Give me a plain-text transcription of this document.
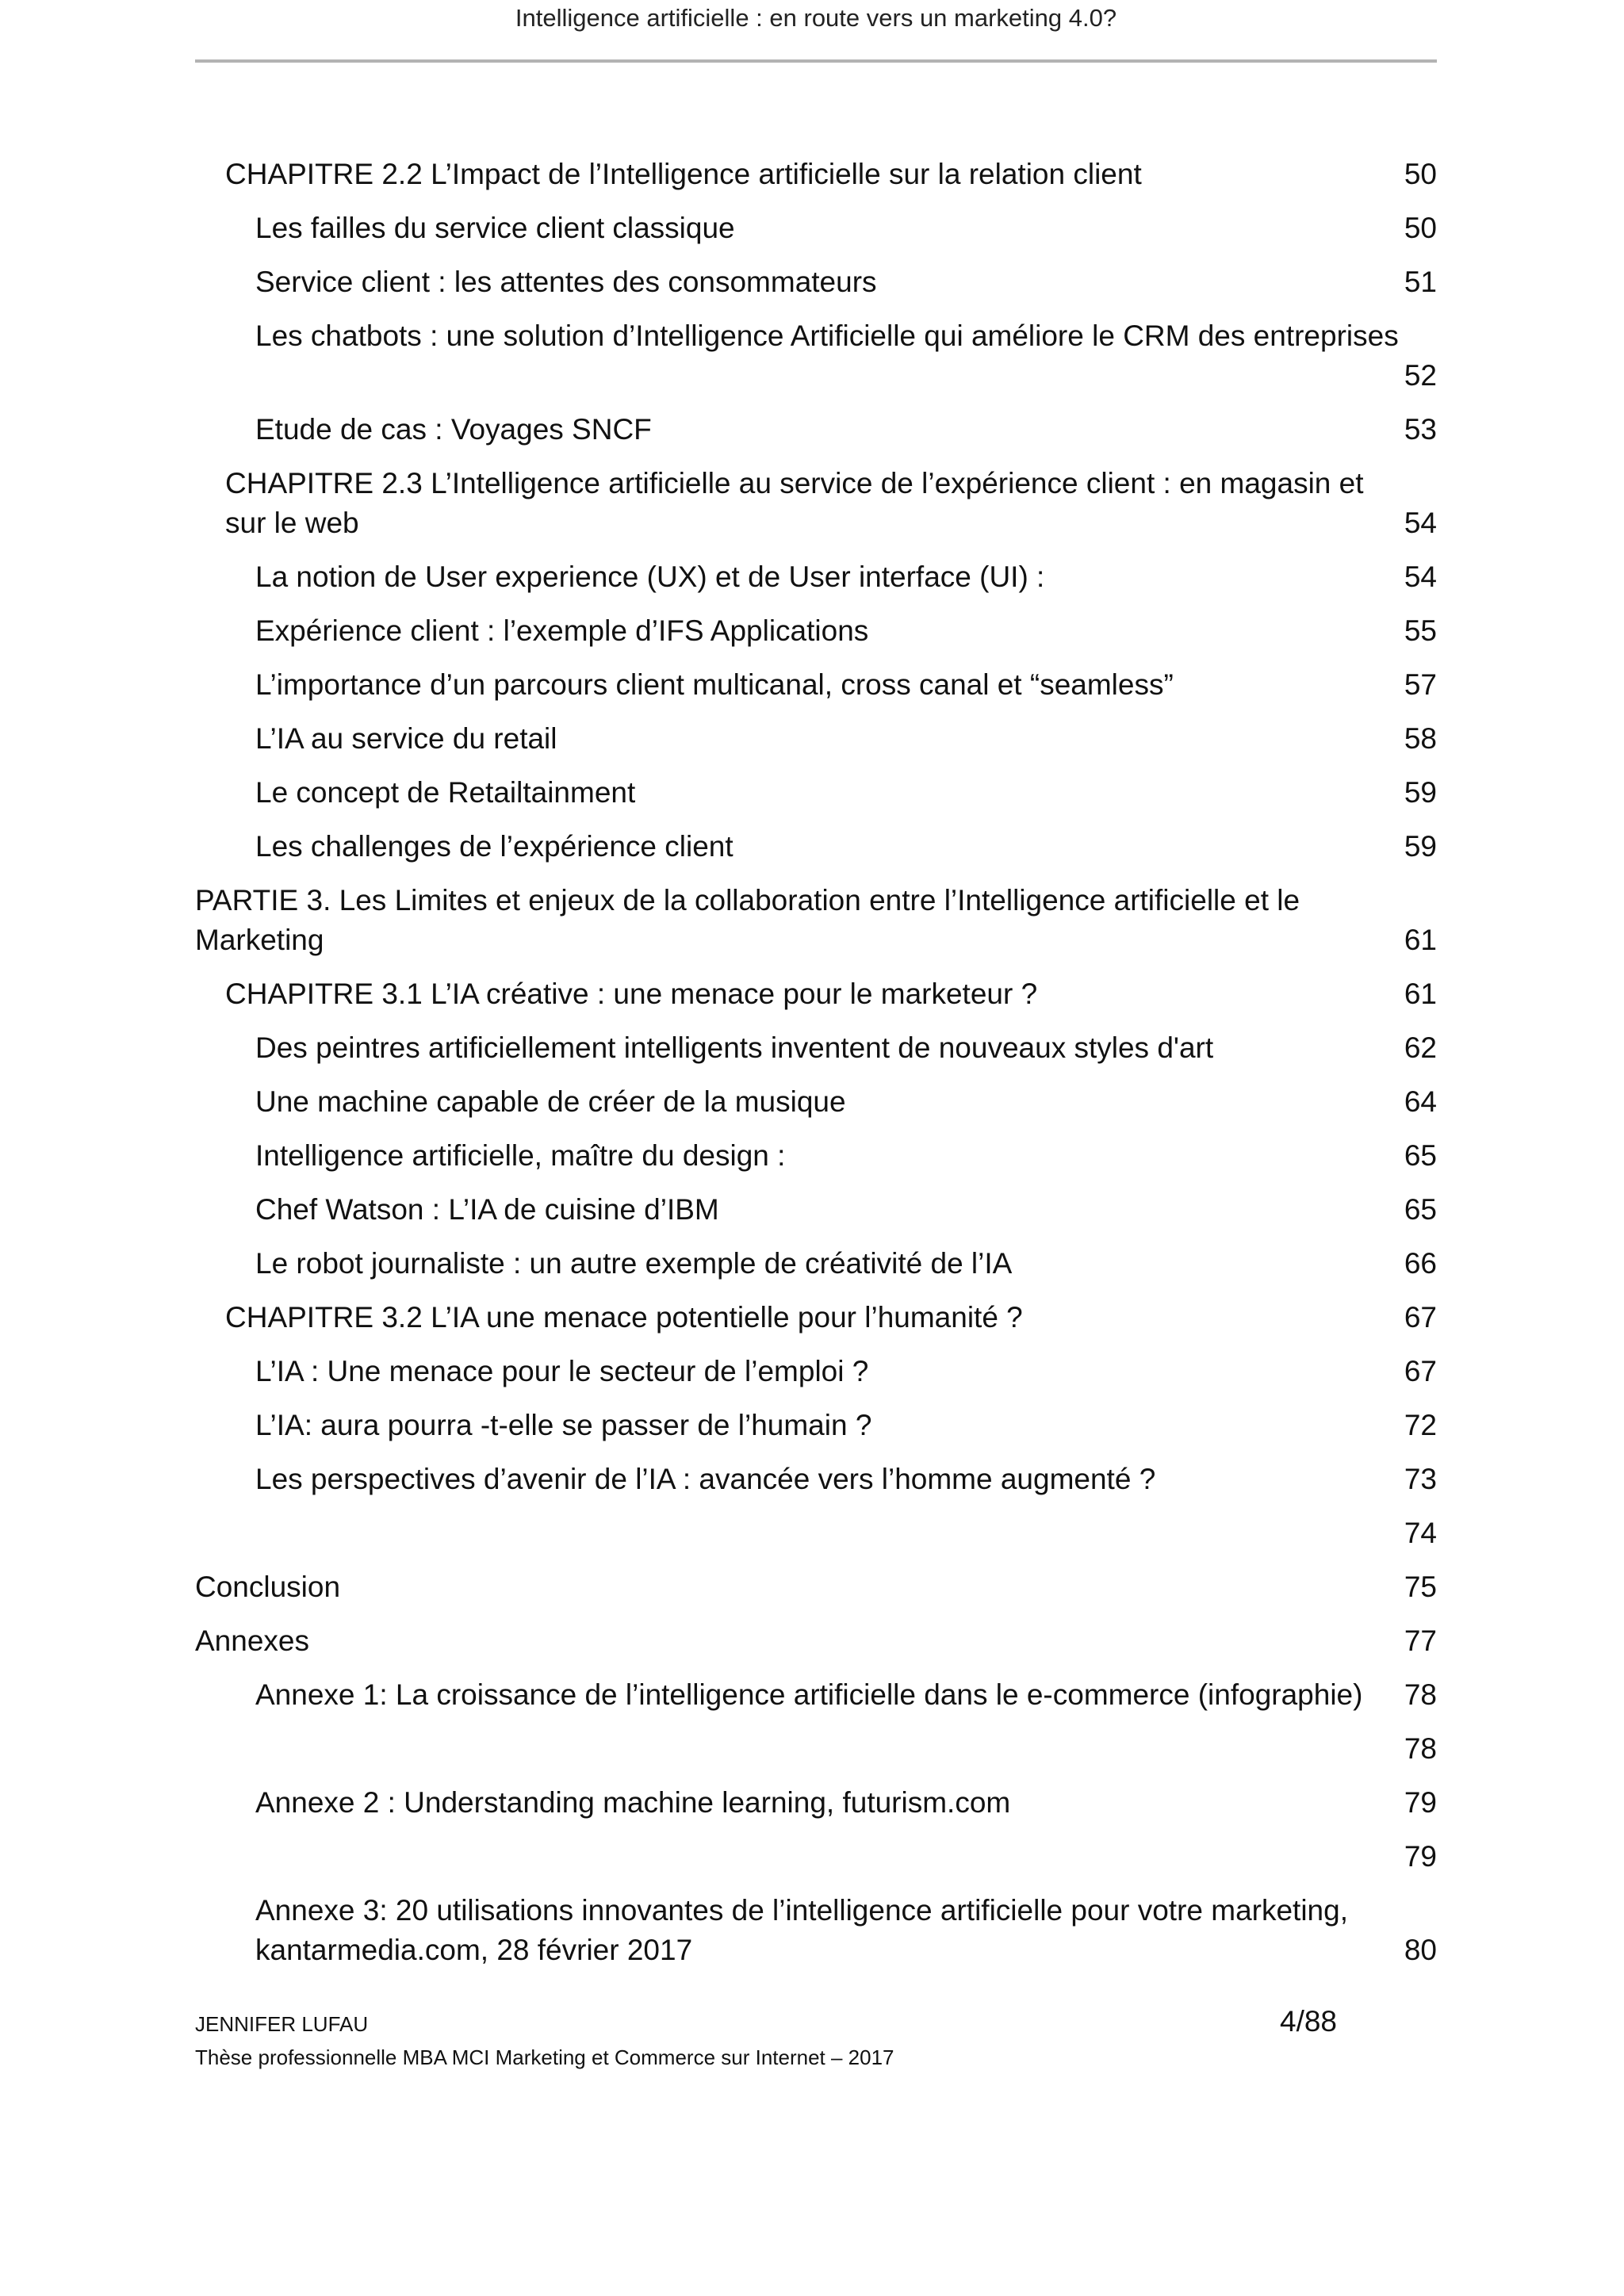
Intelligence artificielle : en route vers un marketing 4.0?
CHAPITRE 2.2 L’Impact de l’Intelligence artificielle sur la relation client	50
Les failles du service client classique	50
Service client : les attentes des consommateurs	51
Les chatbots : une solution d’Intelligence Artificielle qui améliore le CRM des entreprises
52
Etude de cas : Voyages SNCF	53
CHAPITRE 2.3 L’Intelligence artificielle au service de l’expérience client : en magasin et sur le web	54
La notion de User experience (UX) et de User interface (UI) :	54
Expérience client : l’exemple d’IFS Applications	55
L’importance d’un parcours client multicanal, cross canal et “seamless”	57
L’IA au service du retail	58
Le concept de Retailtainment	59
Les challenges de l’expérience client	59
PARTIE 3. Les Limites et enjeux de la collaboration entre l’Intelligence artificielle et le Marketing	61
CHAPITRE 3.1 L’IA créative : une menace pour le marketeur ?	61
Des peintres artificiellement intelligents inventent de nouveaux styles d'art	62
Une machine capable de créer de la musique	64
Intelligence artificielle, maître du design :	65
Chef Watson : L’IA de cuisine d’IBM	65
Le robot journaliste : un autre exemple de créativité de l’IA	66
CHAPITRE 3.2 L’IA une menace potentielle pour l’humanité ?	67
L’IA : Une menace pour le secteur de l’emploi ?	67
L’IA: aura pourra -t-elle se passer de l’humain ?	72
Les perspectives d’avenir de l’IA : avancée vers l’homme augmenté ?	73
74
Conclusion	75
Annexes	77
Annexe 1: La croissance de l’intelligence artificielle dans le e-commerce (infographie)	78
78
Annexe 2 : Understanding machine learning, futurism.com	79
79
Annexe 3: 20 utilisations innovantes de l’intelligence artificielle pour votre marketing, kantarmedia.com, 28 février 2017	80
JENNIFER LUFAU
Thèse professionnelle MBA MCI Marketing et Commerce sur Internet – 2017
4/88
